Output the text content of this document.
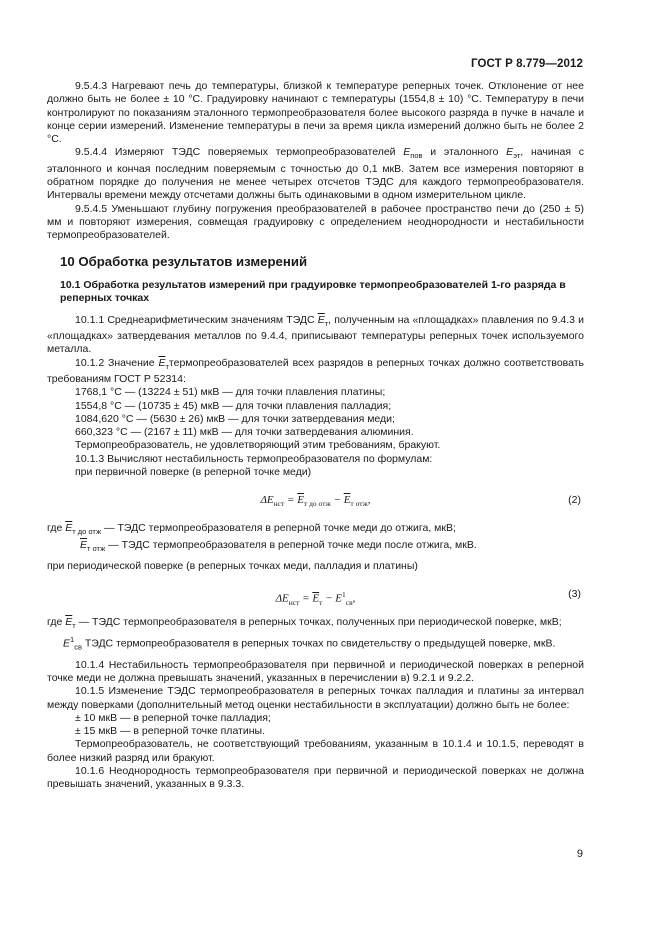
ГОСТ Р 8.779—2012

9.5.4.3 Нагревают печь до температуры, близкой к температуре реперных точек. Отклонение от нее должно быть не более ± 10 °С. Градуировку начинают с температуры (1554,8 ± 10) °С. Температуру в печи контролируют по показаниям эталонного термопреобразователя более высокого разряда в пучке в начале и конце серии измерений. Изменение температуры в печи за время цикла измерений должно быть не более 2 °С.

9.5.4.4 Измеряют ТЭДС поверяемых термопреобразователей $E_{пов}$ и эталонного $E_{эт}$, начиная с эталонного и кончая последним поверяемым с точностью до 0,1 мкВ. Затем все измерения повторяют в обратном порядке до получения не менее четырех отсчетов ТЭДС для каждого термопреобразователя. Интервалы времени между отсчетами должны быть одинаковыми в одном измерительном цикле.

9.5.4.5 Уменьшают глубину погружения преобразователей в рабочее пространство печи до (250 ± 5) мм и повторяют измерения, совмещая градуировку с определением неоднородности и нестабильности термопреобразователей.

10 Обработка результатов измерений

10.1 Обработка результатов измерений при градуировке термопреобразователей 1-го разряда в реперных точках

10.1.1 Среднеарифметическим значениям ТЭДС $\overline{E}_т$, полученным на «площадках» плавления по 9.4.3 и «площадках» затвердевания металлов по 9.4.4, приписывают температуры реперных точек используемого металла.

10.1.2 Значение $\overline{E}_ттермопреобразователей$ всех разрядов в реперных точках должно соответствовать требованиям ГОСТ Р 52314:

1768,1 °С — (13224 ± 51) мкВ — для точки плавления платины;

1554,8 °С — (10735 ± 45) мкВ — для точки плавления палладия;

1084,620 °С — (5630 ± 26) мкВ — для точки затвердевания меди;

660,323 °С — (2167 ± 11) мкВ — для точки затвердевания алюминия.

Термопреобразователь, не удовлетворяющий этим требованиям, бракуют.

10.1.3 Вычисляют нестабильность термопреобразователя по формулам:

при первичной поверке (в реперной точке меди)

$\Delta E_{нст} = \overline{E}_{т до отж} - \overline{E}_{т отж}$,	(2)

где $\overline{E}_{т до отж}$ — ТЭДС термопреобразователя в реперной точке меди до отжига, мкВ;

$\overline{E}_{т отж}$ — ТЭДС термопреобразователя в реперной точке меди после отжига, мкВ.

при периодической поверке (в реперных точках меди, палладия и платины)

$\Delta E_{нст} = \overline{E}_т - E^1_{св}$,	(3)

где $\overline{E}_т$ — ТЭДС термопреобразователя в реперных точках, полученных при периодической поверке, мкВ;

$E^1_{св}$ ТЭДС термопреобразователя в реперных точках по свидетельству о предыдущей поверке, мкВ.

10.1.4 Нестабильность термопреобразователя при первичной и периодической поверках в реперной точке меди не должна превышать значений, указанных в перечислении в) 9.2.1 и 9.2.2.

10.1.5 Изменение ТЭДС термопреобразователя в реперных точках палладия и платины за интервал между поверками (дополнительный метод оценки нестабильности в эксплуатации) должно быть не более:

± 10 мкВ — в реперной точке палладия;

± 15 мкВ — в реперной точке платины.

Термопреобразователь, не соответствующий требованиям, указанным в 10.1.4 и 10.1.5, переводят в более низкий разряд или бракуют.

10.1.6 Неоднородность термопреобразователя при первичной и периодической поверках не должна превышать значений, указанных в 9.3.3.

9
